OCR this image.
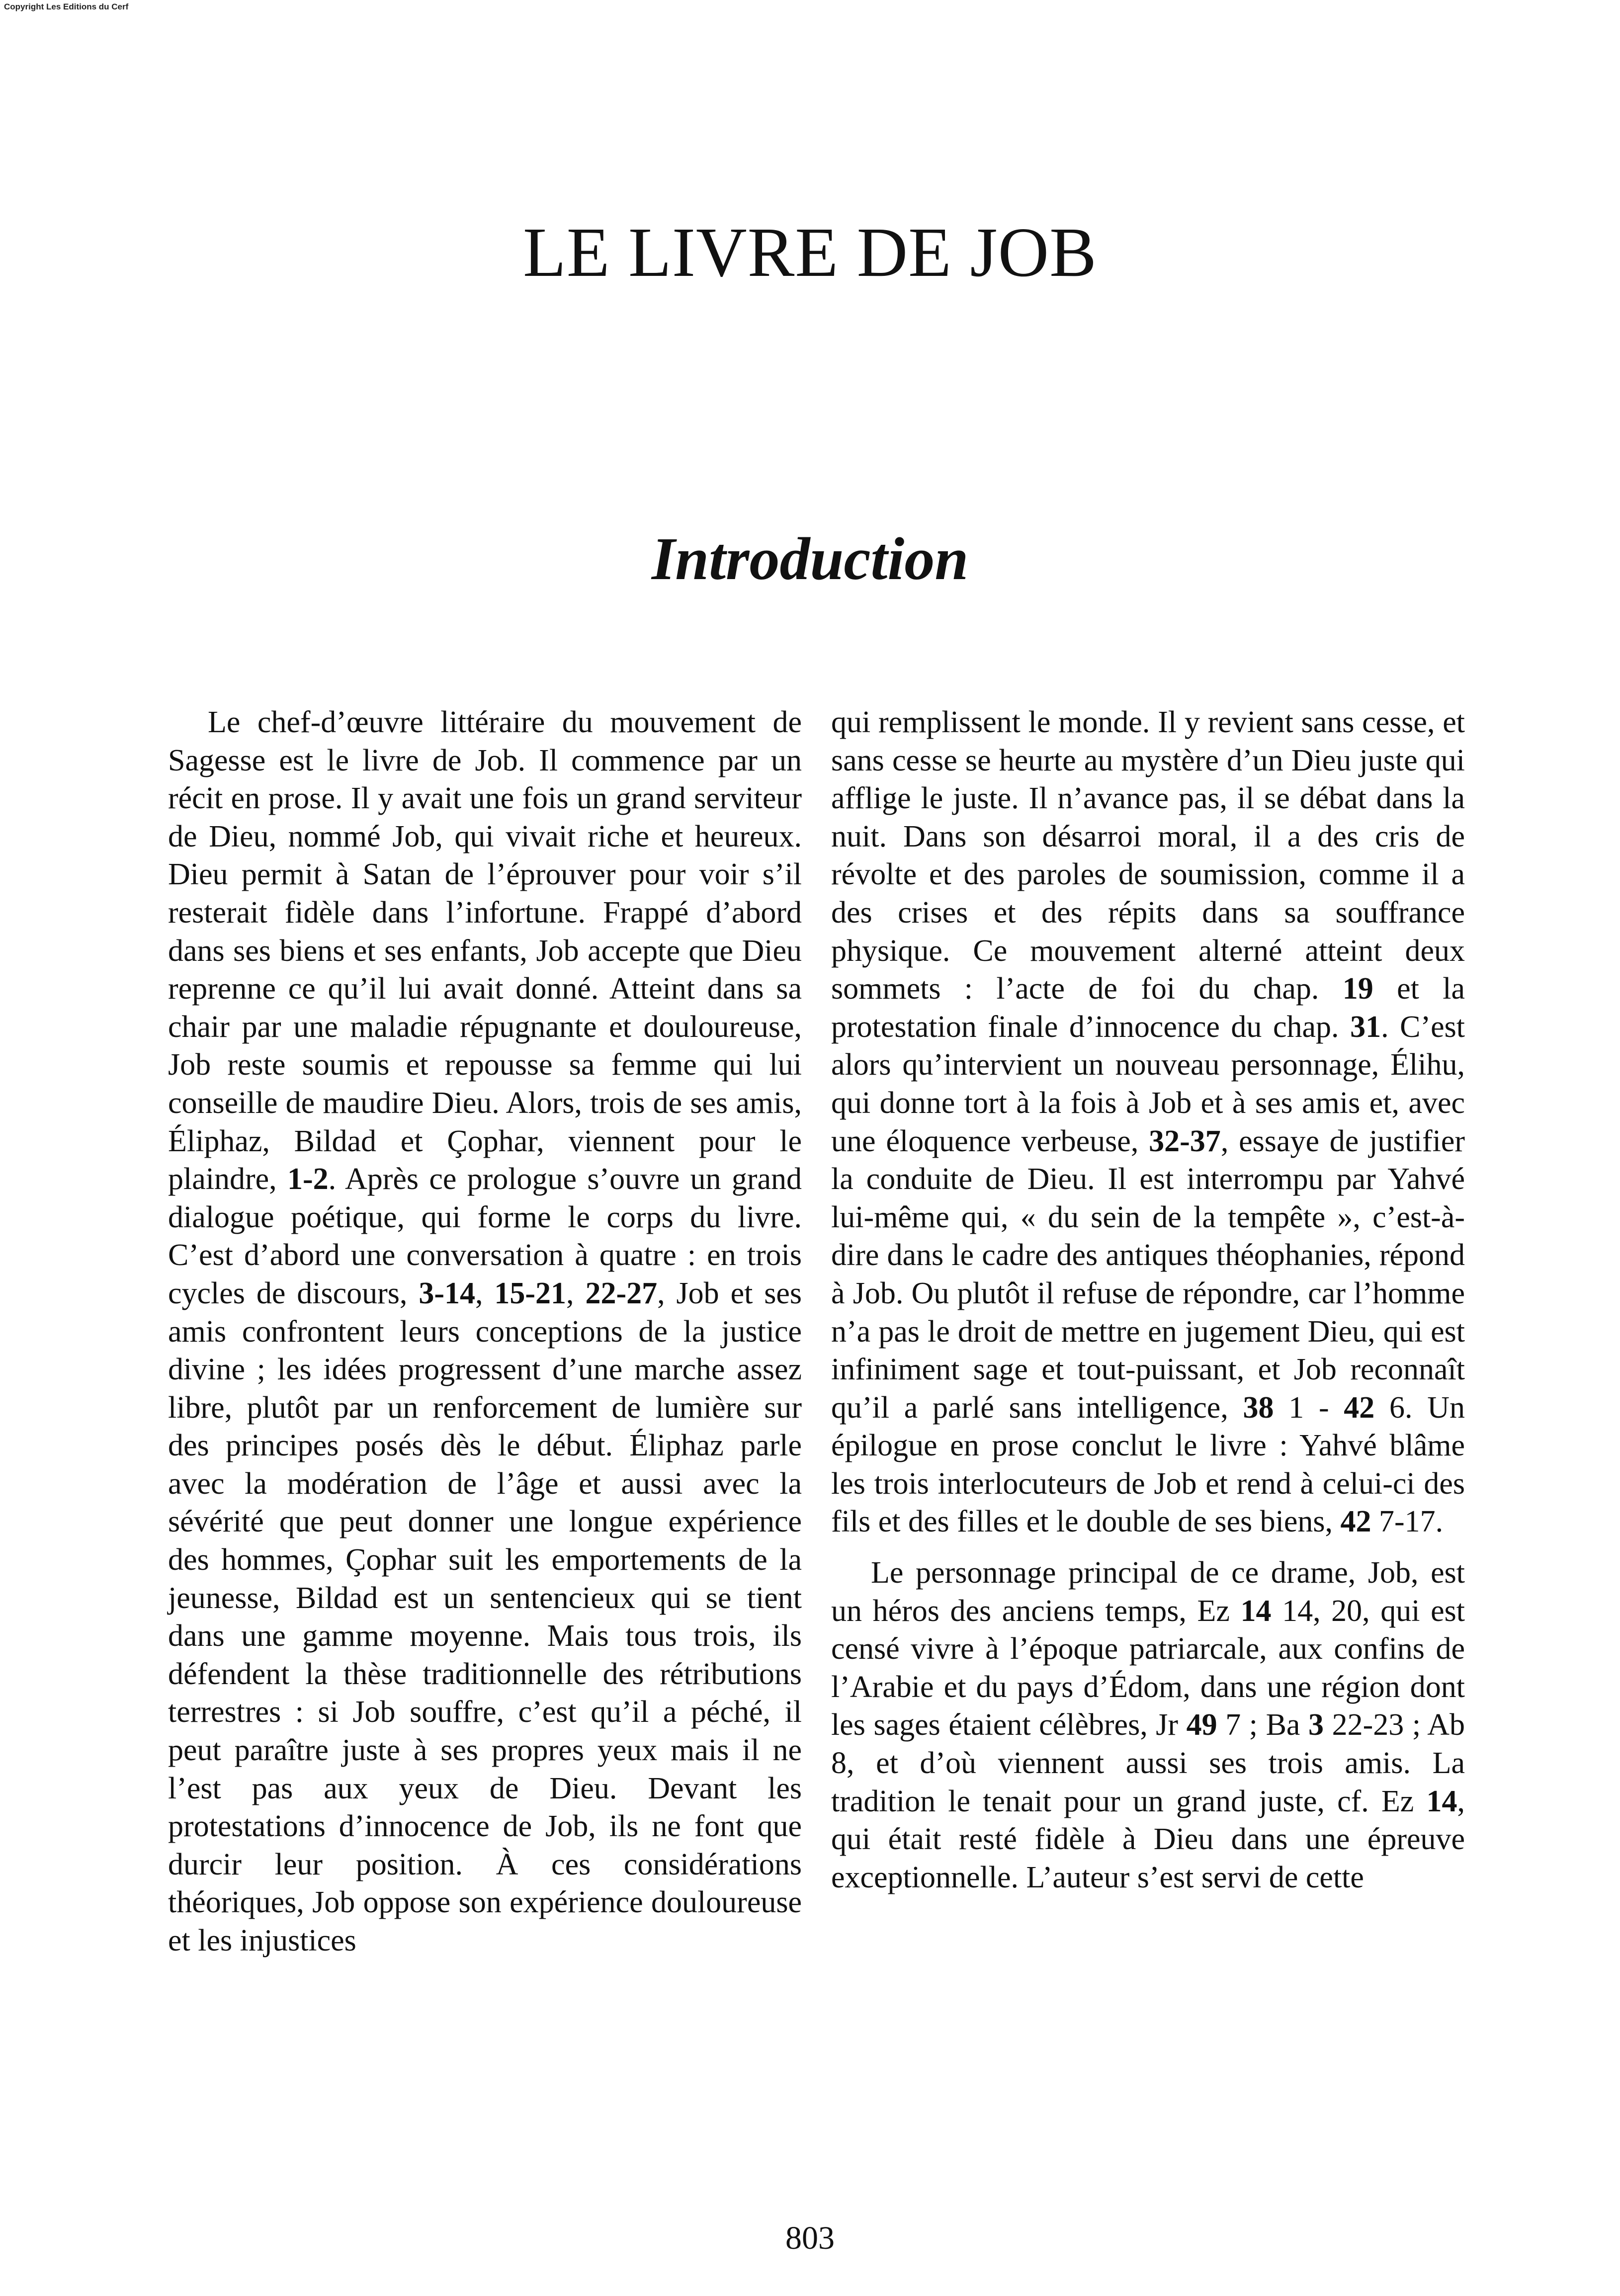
Copyright Les Editions du Cerf

LE LIVRE DE JOB
Introduction

Le chef-d’œuvre littéraire du mouvement de Sagesse est le livre de Job. Il commence par un récit en prose. Il y avait une fois un grand serviteur de Dieu, nommé Job, qui vivait riche et heureux. Dieu permit à Satan de l’éprouver pour voir s’il resterait fidèle dans l’infortune. Frappé d’abord dans ses biens et ses enfants, Job accepte que Dieu reprenne ce qu’il lui avait donné. Atteint dans sa chair par une maladie répugnante et douloureuse, Job reste soumis et repousse sa femme qui lui conseille de maudire Dieu. Alors, trois de ses amis, Éliphaz, Bildad et Çophar, viennent pour le plaindre, 1-2. Après ce prologue s’ouvre un grand dialogue poétique, qui forme le corps du livre. C’est d’abord une conversation à quatre : en trois cycles de discours, 3-14, 15-21, 22-27, Job et ses amis confrontent leurs conceptions de la justice divine ; les idées progressent d’une marche assez libre, plutôt par un renforcement de lumière sur des principes posés dès le début. Éliphaz parle avec la modération de l’âge et aussi avec la sévérité que peut donner une longue expérience des hommes, Çophar suit les emportements de la jeunesse, Bildad est un sentencieux qui se tient dans une gamme moyenne. Mais tous trois, ils défendent la thèse traditionnelle des rétributions terrestres : si Job souffre, c’est qu’il a péché, il peut paraître juste à ses propres yeux mais il ne l’est pas aux yeux de Dieu. Devant les protestations d’innocence de Job, ils ne font que durcir leur position. À ces considérations théoriques, Job oppose son expérience douloureuse et les injustices

qui remplissent le monde. Il y revient sans cesse, et sans cesse se heurte au mystère d’un Dieu juste qui afflige le juste. Il n’avance pas, il se débat dans la nuit. Dans son désarroi moral, il a des cris de révolte et des paroles de soumission, comme il a des crises et des répits dans sa souffrance physique. Ce mouvement alterné atteint deux sommets : l’acte de foi du chap. 19 et la protestation finale d’innocence du chap. 31. C’est alors qu’intervient un nouveau personnage, Élihu, qui donne tort à la fois à Job et à ses amis et, avec une éloquence verbeuse, 32-37, essaye de justifier la conduite de Dieu. Il est interrompu par Yahvé lui-même qui, « du sein de la tempête », c’est-à-dire dans le cadre des antiques théophanies, répond à Job. Ou plutôt il refuse de répondre, car l’homme n’a pas le droit de mettre en jugement Dieu, qui est infiniment sage et tout-puissant, et Job reconnaît qu’il a parlé sans intelligence, 38 1 - 42 6. Un épilogue en prose conclut le livre : Yahvé blâme les trois interlocuteurs de Job et rend à celui-ci des fils et des filles et le double de ses biens, 42 7-17.

Le personnage principal de ce drame, Job, est un héros des anciens temps, Ez 14 14, 20, qui est censé vivre à l’époque patriarcale, aux confins de l’Arabie et du pays d’Édom, dans une région dont les sages étaient célèbres, Jr 49 7 ; Ba 3 22-23 ; Ab 8, et d’où viennent aussi ses trois amis. La tradition le tenait pour un grand juste, cf. Ez 14, qui était resté fidèle à Dieu dans une épreuve exceptionnelle. L’auteur s’est servi de cette

803
